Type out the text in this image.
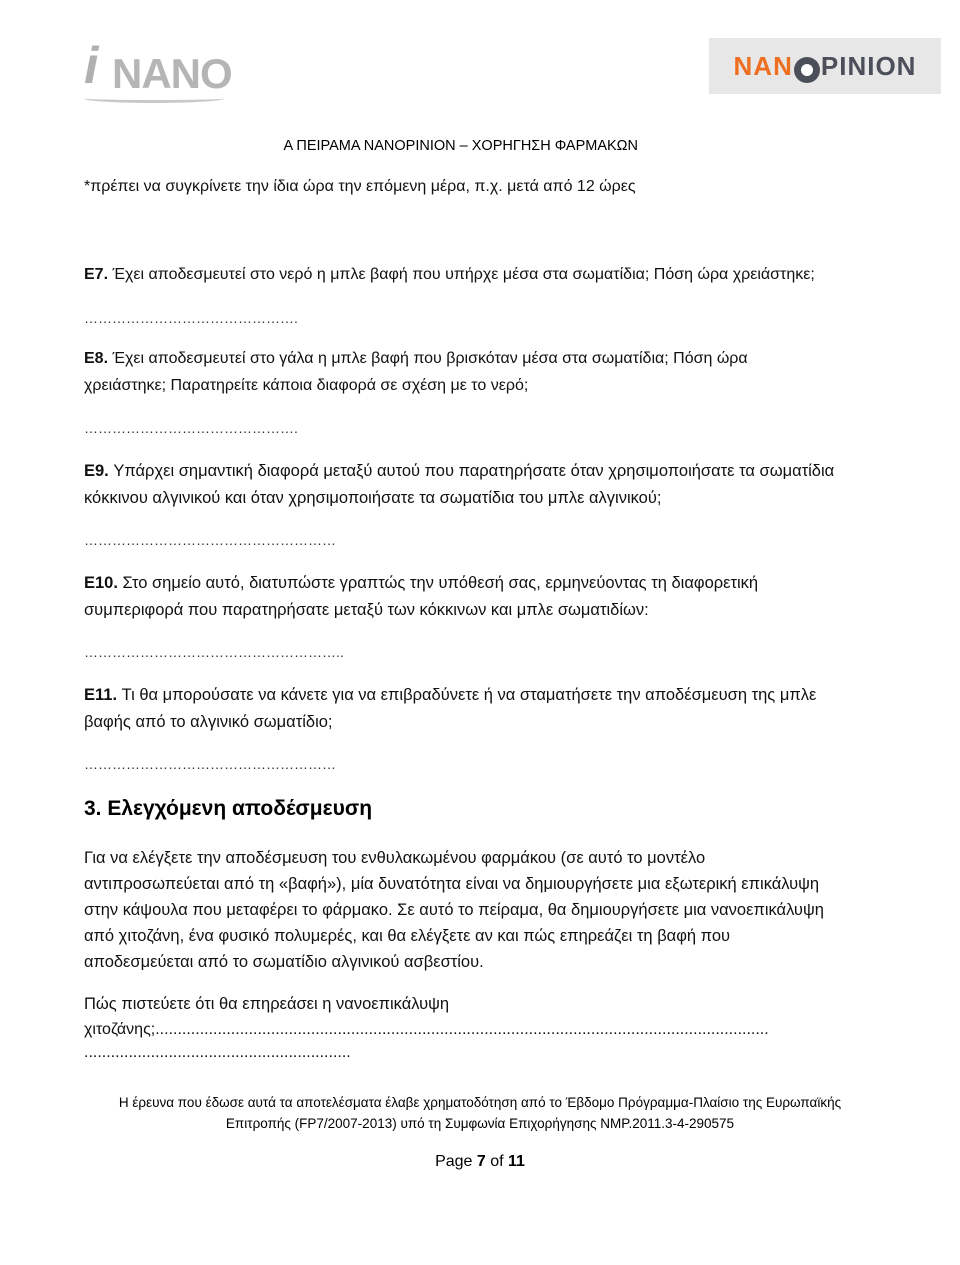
i NANO	NAN PINION
Α ΠΕΙΡΑΜΑ NANOPINION – ΧΟΡΗΓΗΣΗ ΦΑΡΜΑΚΩΝ
*πρέπει να συγκρίνετε την ίδια ώρα την επόμενη μέρα, π.χ. μετά από 12 ώρες
E7. Έχει αποδεσμευτεί στο νερό η μπλε βαφή που υπήρχε μέσα στα σωματίδια; Πόση ώρα χρειάστηκε;
……………………………………….
E8. Έχει αποδεσμευτεί στο γάλα η μπλε βαφή που βρισκόταν μέσα στα σωματίδια; Πόση ώρα
χρειάστηκε; Παρατηρείτε κάποια διαφορά σε σχέση με το νερό;
……………………………………….
E9. Υπάρχει σημαντική διαφορά μεταξύ αυτού που παρατηρήσατε όταν χρησιμοποιήσατε τα σωματίδια
κόκκινου αλγινικού και όταν χρησιμοποιήσατε τα σωματίδια του μπλε αλγινικού;
………………………………………………
E10. Στο σημείο αυτό, διατυπώστε γραπτώς την υπόθεσή σας, ερμηνεύοντας τη διαφορετική
συμπεριφορά που παρατηρήσατε μεταξύ των κόκκινων και μπλε σωματιδίων:
………………………………………………..
E11. Τι θα μπορούσατε να κάνετε για να επιβραδύνετε ή να σταματήσετε την αποδέσμευση της μπλε
βαφής από το αλγινικό σωματίδιο;
………………………………………………
3. Ελεγχόμενη αποδέσμευση
Για να ελέγξετε την αποδέσμευση του ενθυλακωμένου φαρμάκου (σε αυτό το μοντέλο
αντιπροσωπεύεται από τη «βαφή»), μία δυνατότητα είναι να δημιουργήσετε μια εξωτερική επικάλυψη
στην κάψουλα που μεταφέρει το φάρμακο. Σε αυτό το πείραμα, θα δημιουργήσετε μια νανοεπικάλυψη
από χιτοζάνη, ένα φυσικό πολυμερές, και θα ελέγξετε αν και πώς επηρεάζει τη βαφή που
αποδεσμεύεται από το σωματίδιο αλγινικού ασβεστίου.
Πώς πιστεύετε ότι θα επηρεάσει η νανοεπικάλυψη
χιτοζάνης;..........................................................................................................................................
............................................................
Η έρευνα που έδωσε αυτά τα αποτελέσματα έλαβε χρηματοδότηση από το Έβδομο Πρόγραμμα-Πλαίσιο της Ευρωπαϊκής
Επιτροπής (FP7/2007-2013) υπό τη Συμφωνία Επιχορήγησης NMP.2011.3-4-290575
Page 7 of 11
